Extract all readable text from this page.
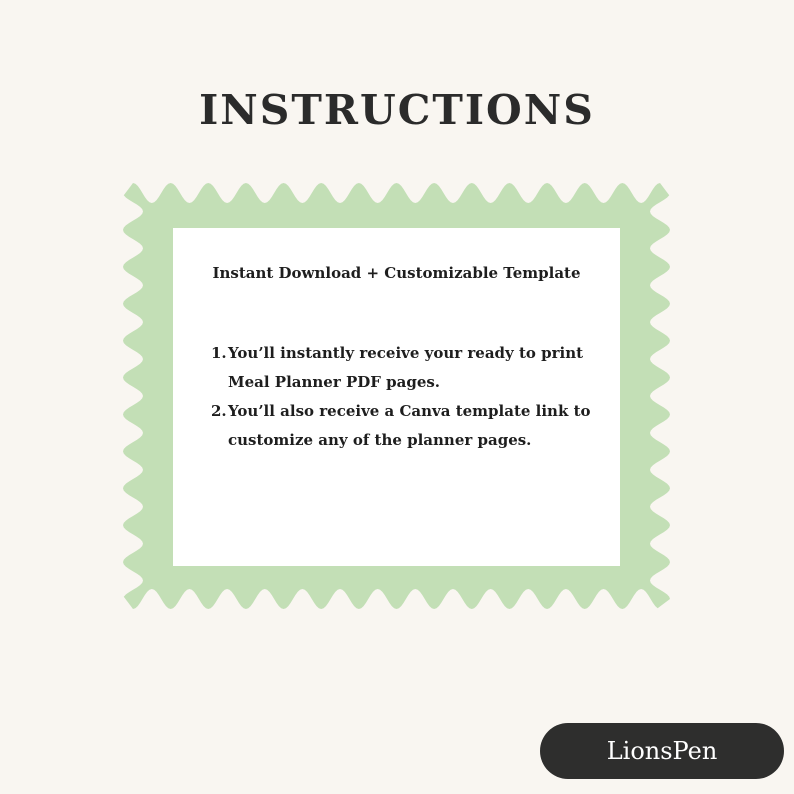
INSTRUCTIONS

Instant Download + Customizable Template

1. You’ll instantly receive your ready to print Meal Planner PDF pages.
2. You’ll also receive a Canva template link to customize any of the planner pages.
LionsPen
